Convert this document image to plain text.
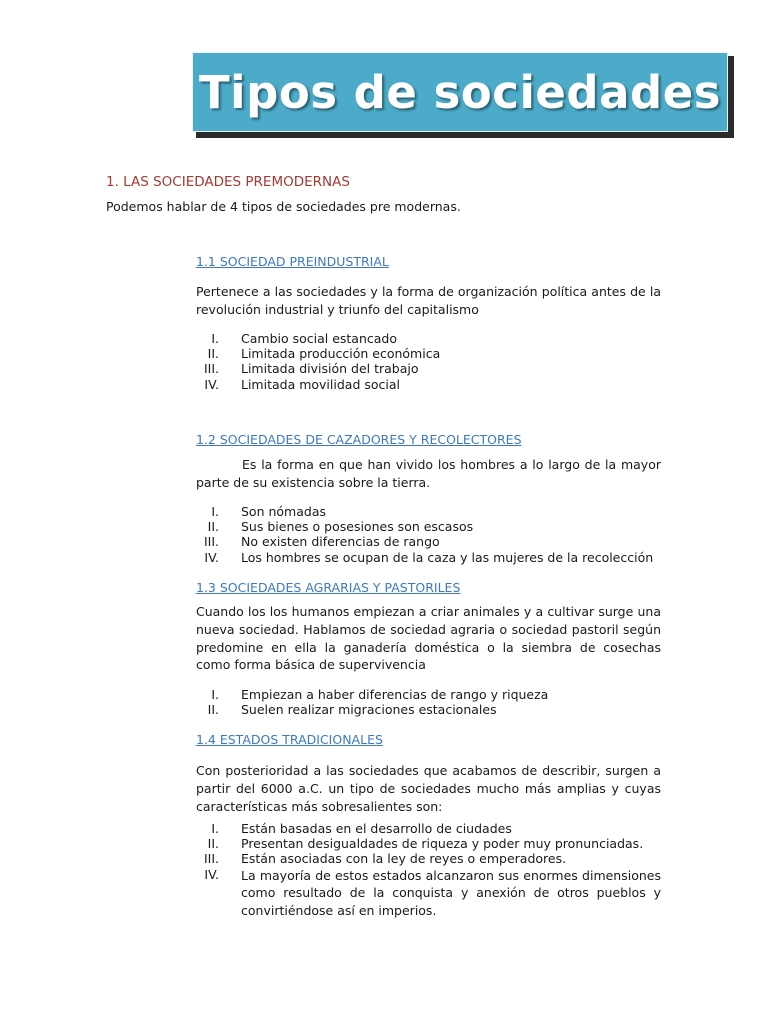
Tipos de sociedades
1. LAS SOCIEDADES PREMODERNAS

Podemos hablar de 4 tipos de sociedades pre modernas.

1.1 SOCIEDAD PREINDUSTRIAL

Pertenece a las sociedades y la forma de organización política antes de la revolución industrial y triunfo del capitalismo

I. Cambio social estancado
II. Limitada producción económica
III. Limitada división del trabajo
IV. Limitada movilidad social
1.2 SOCIEDADES DE CAZADORES Y RECOLECTORES

Es la forma en que han vivido los hombres a lo largo de la mayor parte de su existencia sobre la tierra.

I. Son nómadas
II. Sus bienes o posesiones son escasos
III. No existen diferencias de rango
IV. Los hombres se ocupan de la caza y las mujeres de la recolección
1.3 SOCIEDADES AGRARIAS Y PASTORILES

Cuando los los humanos empiezan a criar animales y a cultivar surge una nueva sociedad. Hablamos de sociedad agraria o sociedad pastoril según predomine en ella la ganadería doméstica o la siembra de cosechas como forma básica de supervivencia

I. Empiezan a haber diferencias de rango y riqueza
II. Suelen realizar migraciones estacionales
1.4 ESTADOS TRADICIONALES

Con posterioridad a las sociedades que acabamos de describir, surgen a partir del 6000 a.C. un tipo de sociedades mucho más amplias y cuyas características más sobresalientes son:

I. Están basadas en el desarrollo de ciudades
II. Presentan desigualdades de riqueza y poder muy pronunciadas.
III. Están asociadas con la ley de reyes o emperadores.
IV. La mayoría de estos estados alcanzaron sus enormes dimensiones como resultado de la conquista y anexión de otros pueblos y convirtiéndose así en imperios.
